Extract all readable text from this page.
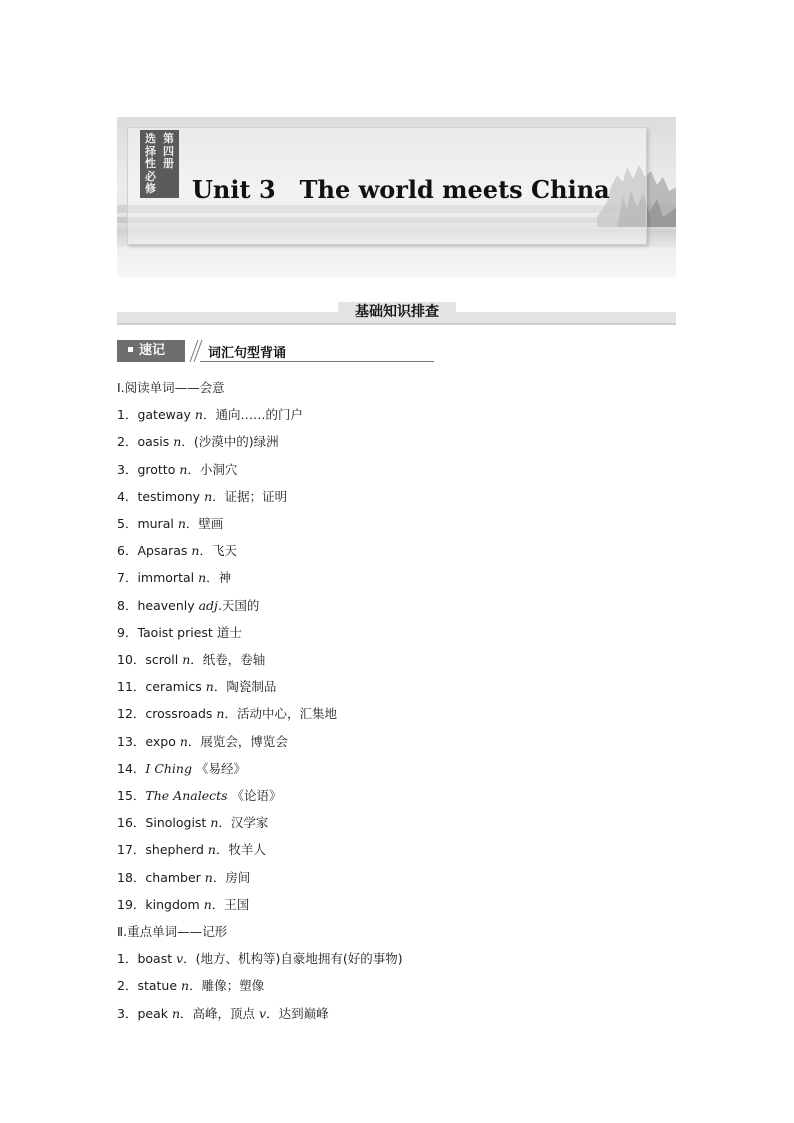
选
择
性
必
修
第
四
册
Unit 3　The world meets China
基础知识排查
速记	词汇句型背诵
Ⅰ.阅读单词——会意
1．gateway n．通向……的门户
2．oasis n．(沙漠中的)绿洲
3．grotto n．小洞穴
4．testimony n．证据；证明
5．mural n．壁画
6．Apsaras n．飞天
7．immortal n．神
8．heavenly adj.天国的
9．Taoist priest 道士
10．scroll n．纸卷，卷轴
11．ceramics n．陶瓷制品
12．crossroads n．活动中心，汇集地
13．expo n．展览会，博览会
14．I Ching 《易经》
15．The Analects 《论语》
16．Sinologist n．汉学家
17．shepherd n．牧羊人
18．chamber n．房间
19．kingdom n．王国
Ⅱ.重点单词——记形
1．boast v．(地方、机构等)自豪地拥有(好的事物)
2．statue n．雕像；塑像
3．peak n．高峰，顶点 v．达到巅峰
